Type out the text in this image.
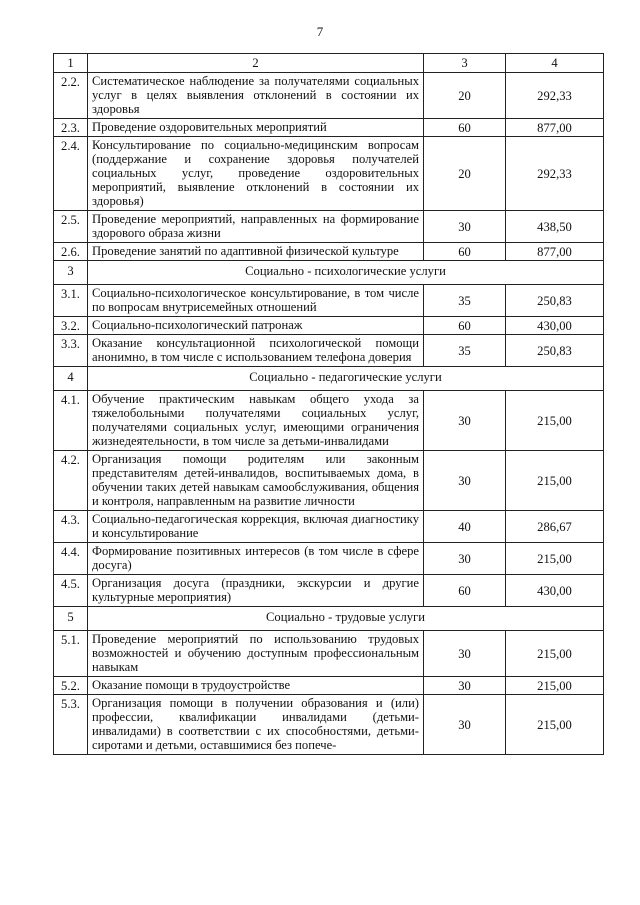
7
1	2	3	4
2.2.	Систематическое наблюдение за получателями социальных услуг в целях выявления отклонений в состоянии их здоровья	20	292,33
2.3.	Проведение оздоровительных мероприятий	60	877,00
2.4.	Консультирование по социально-медицинским вопросам (поддержание и сохранение здоровья получателей социальных услуг, проведение оздоровительных мероприятий, выявление отклонений в состоянии их здоровья)	20	292,33
2.5.	Проведение мероприятий, направленных на формирование здорового образа жизни	30	438,50
2.6.	Проведение занятий по адаптивной физической культуре	60	877,00
3	Социально - психологические услуги		
3.1.	Социально-психологическое консультирование, в том числе по вопросам внутрисемейных отношений	35	250,83
3.2.	Социально-психологический патронаж	60	430,00
3.3.	Оказание консультационной психологической помощи анонимно, в том числе с использованием телефона доверия	35	250,83
4	Социально - педагогические услуги		
4.1.	Обучение практическим навыкам общего ухода за тяжелобольными получателями социальных услуг, получателями социальных услуг, имеющими ограничения жизнедеятельности, в том числе за детьми-инвалидами	30	215,00
4.2.	Организация помощи родителям или законным представителям детей-инвалидов, воспитываемых дома, в обучении таких детей навыкам самообслуживания, общения и контроля, направленным на развитие личности	30	215,00
4.3.	Социально-педагогическая коррекция, включая диагностику и консультирование	40	286,67
4.4.	Формирование позитивных интересов (в том числе в сфере досуга)	30	215,00
4.5.	Организация досуга (праздники, экскурсии и другие культурные мероприятия)	60	430,00
5	Социально - трудовые услуги		
5.1.	Проведение мероприятий по использованию трудовых возможностей и обучению доступным профессиональным навыкам	30	215,00
5.2.	Оказание помощи в трудоустройстве	30	215,00
5.3.	Организация помощи в получении образования и (или) профессии, квалификации инвалидами (детьми-инвалидами) в соответствии с их способностями, детьми-сиротами и детьми, оставшимися без попече-	30	215,00
